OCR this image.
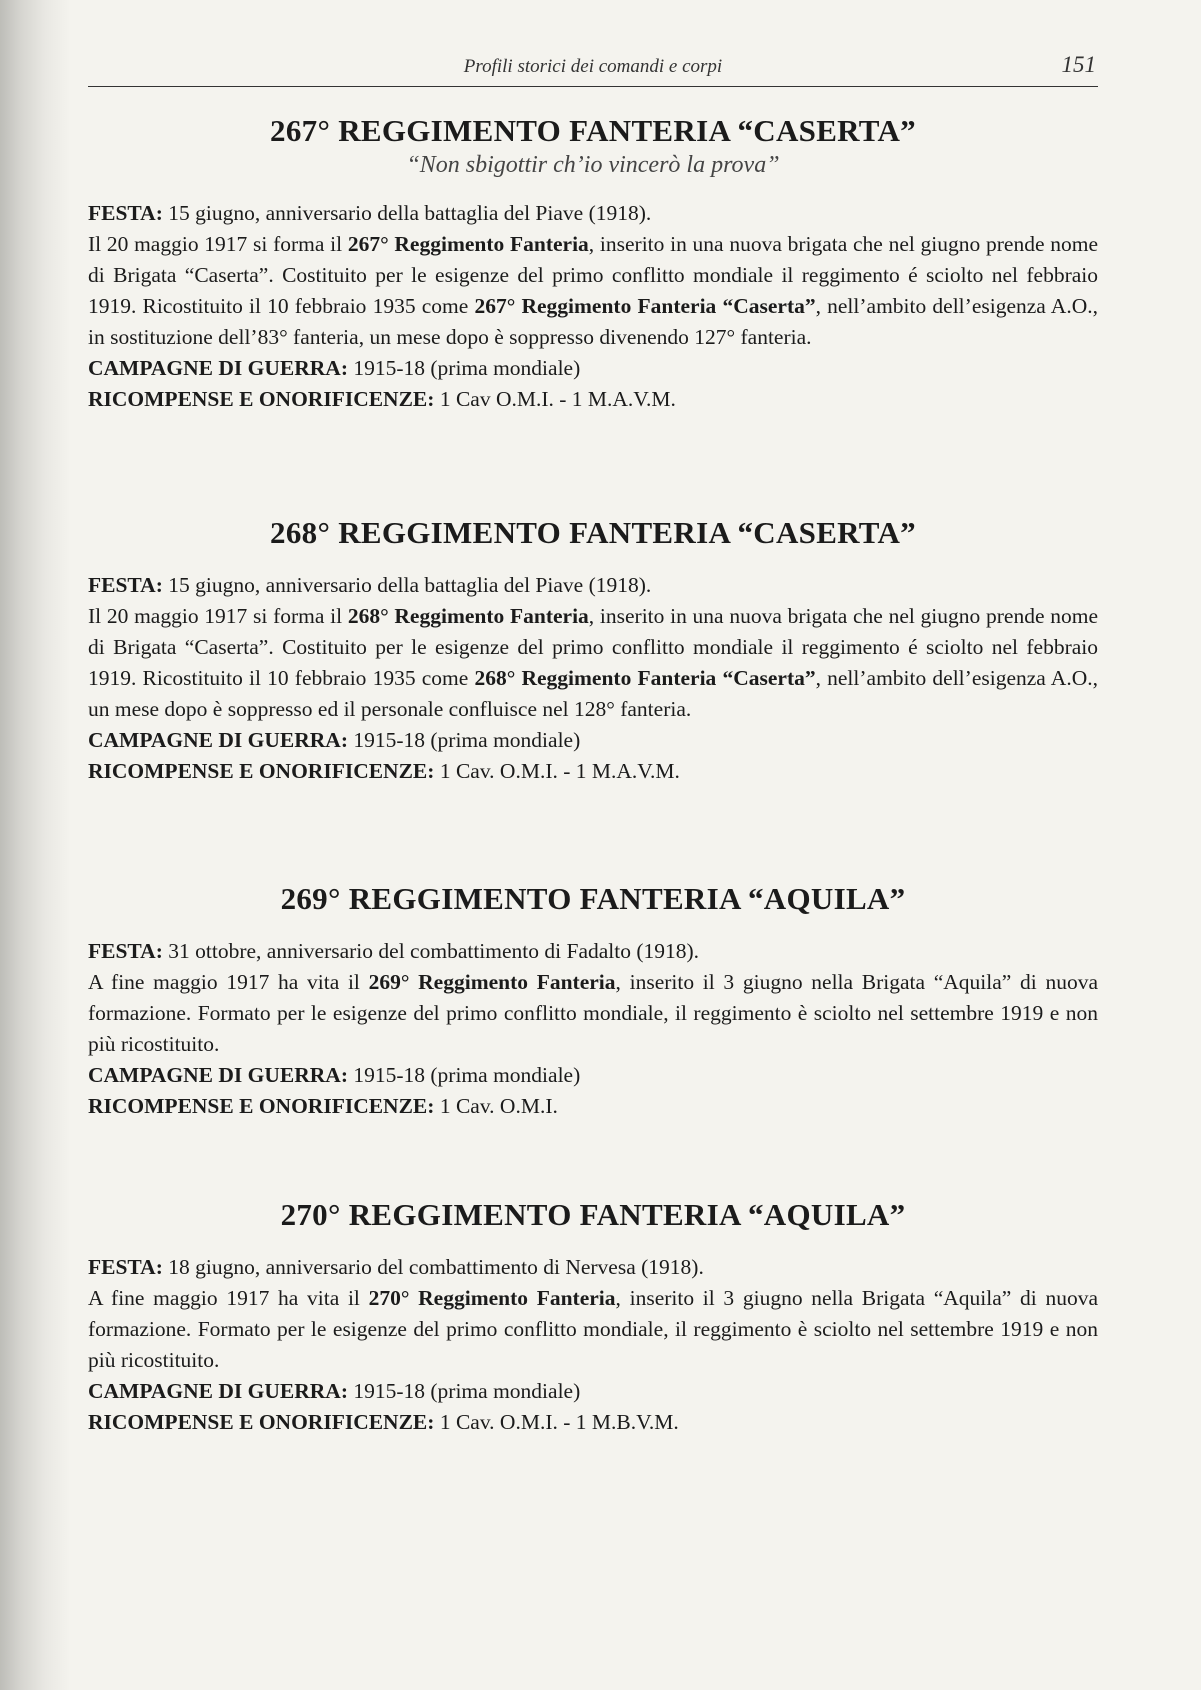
Profili storici dei comandi e corpi	151
267° REGGIMENTO FANTERIA “CASERTA”

“Non sbigottir ch’io vincerò la prova”

FESTA: 15 giugno, anniversario della battaglia del Piave (1918).

Il 20 maggio 1917 si forma il 267° Reggimento Fanteria, inserito in una nuova brigata che nel giugno prende nome di Brigata “Caserta”. Costituito per le esigenze del primo conflitto mondiale il reggimento é sciolto nel febbraio 1919. Ricostituito il 10 febbraio 1935 come 267° Reggimento Fanteria “Caserta”, nell’ambito dell’esigenza A.O., in sostituzione dell’83° fanteria, un mese dopo è soppresso divenendo 127° fanteria.

CAMPAGNE DI GUERRA: 1915-18 (prima mondiale)

RICOMPENSE E ONORIFICENZE: 1 Cav O.M.I. - 1 M.A.V.M.

268° REGGIMENTO FANTERIA “CASERTA”

FESTA: 15 giugno, anniversario della battaglia del Piave (1918).

Il 20 maggio 1917 si forma il 268° Reggimento Fanteria, inserito in una nuova brigata che nel giugno prende nome di Brigata “Caserta”. Costituito per le esigenze del primo conflitto mondiale il reggimento é sciolto nel febbraio 1919. Ricostituito il 10 febbraio 1935 come 268° Reggimento Fanteria “Caserta”, nell’ambito dell’esigenza A.O., un mese dopo è soppresso ed il personale confluisce nel 128° fanteria.

CAMPAGNE DI GUERRA: 1915-18 (prima mondiale)

RICOMPENSE E ONORIFICENZE: 1 Cav. O.M.I. - 1 M.A.V.M.

269° REGGIMENTO FANTERIA “AQUILA”

FESTA: 31 ottobre, anniversario del combattimento di Fadalto (1918).

A fine maggio 1917 ha vita il 269° Reggimento Fanteria, inserito il 3 giugno nella Brigata “Aquila” di nuova formazione. Formato per le esigenze del primo conflitto mondiale, il reggimento è sciolto nel settembre 1919 e non più ricostituito.

CAMPAGNE DI GUERRA: 1915-18 (prima mondiale)

RICOMPENSE E ONORIFICENZE: 1 Cav. O.M.I.

270° REGGIMENTO FANTERIA “AQUILA”

FESTA: 18 giugno, anniversario del combattimento di Nervesa (1918).

A fine maggio 1917 ha vita il 270° Reggimento Fanteria, inserito il 3 giugno nella Brigata “Aquila” di nuova formazione. Formato per le esigenze del primo conflitto mondiale, il reggimento è sciolto nel settembre 1919 e non più ricostituito.

CAMPAGNE DI GUERRA: 1915-18 (prima mondiale)

RICOMPENSE E ONORIFICENZE: 1 Cav. O.M.I. - 1 M.B.V.M.
